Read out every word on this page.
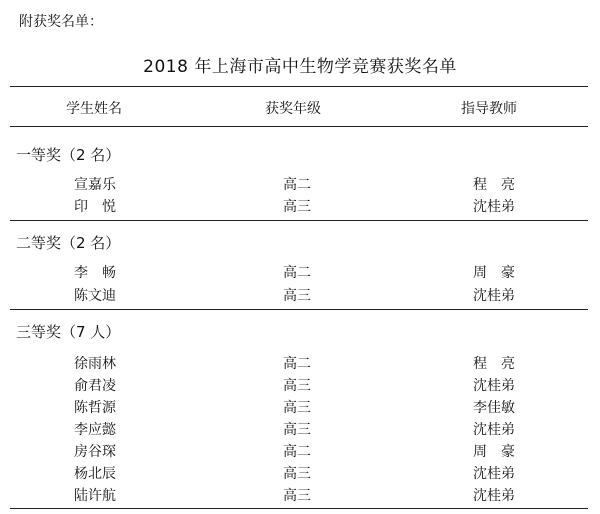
附获奖名单：
2018 年上海市高中生物学竞赛获奖名单
学生姓名	获奖年级	指导教师
一等奖（2 名）
宣嘉乐	高二	程　亮
印　悦	高三	沈桂弟
二等奖（2 名）
李　畅	高二	周　豪
陈文迪	高三	沈桂弟
三等奖（7 人）
徐雨林	高二	程　亮
俞君凌	高三	沈桂弟
陈哲源	高三	李佳敏
李应懿	高三	沈桂弟
房谷琛	高二	周　豪
杨北辰	高三	沈桂弟
陆许航	高三	沈桂弟
